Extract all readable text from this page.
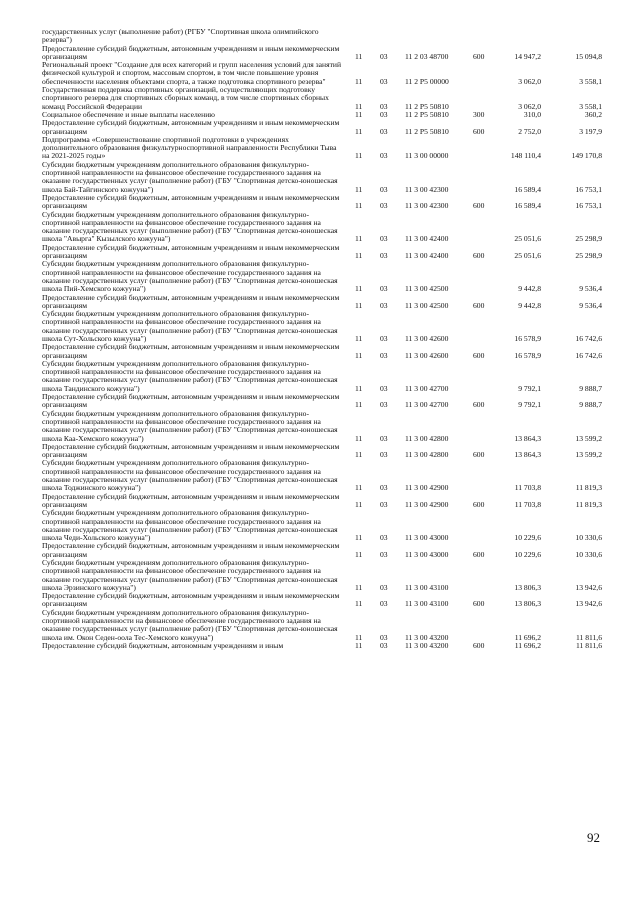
государственных услуг (выполнение работ) (РГБУ "Спортивная школа олимпийского резерва")						
Предоставление субсидий бюджетным, автономным учреждениям и иным некоммерческим организациям	11	03	11 2 03 48700	600	14 947,2	15 094,8
Региональный проект "Создание для всех категорий и групп населения условий для занятий физической культурой и спортом, массовым спортом, в том числе повышение уровня обеспеченности населения объектами спорта, а также подготовка спортивного резерва"	11	03	11 2 P5 00000		3 062,0	3 558,1
Государственная поддержка спортивных организаций, осуществляющих подготовку спортивного резерва для спортивных сборных команд, в том числе спортивных сборных команд Российской Федерации	11	03	11 2 P5 50810		3 062,0	3 558,1
Социальное обеспечение и иные выплаты населению	11	03	11 2 P5 50810	300	310,0	360,2
Предоставление субсидий бюджетным, автономным учреждениям и иным некоммерческим организациям	11	03	11 2 P5 50810	600	2 752,0	3 197,9
Подпрограмма «Совершенствование спортивной подготовки в учреждениях дополнительного образования физкультурноспортивной направленности Республики Тыва на 2021-2025 годы»	11	03	11 3 00 00000		148 110,4	149 170,8
Субсидии бюджетным учреждениям дополнительного образования физкультурно-спортивной направленности на финансовое обеспечение государственного задания на оказание государственных услуг (выполнение работ) (ГБУ "Спортивная детско-юношеская школа Бай-Тайгинского кожууна")	11	03	11 3 00 42300		16 589,4	16 753,1
Предоставление субсидий бюджетным, автономным учреждениям и иным некоммерческим организациям	11	03	11 3 00 42300	600	16 589,4	16 753,1
Субсидии бюджетным учреждениям дополнительного образования физкультурно-спортивной направленности на финансовое обеспечение государственного задания на оказание государственных услуг (выполнение работ) (ГБУ "Спортивная детско-юношеская школа "Авырга" Кызылского кожууна")	11	03	11 3 00 42400		25 051,6	25 298,9
Предоставление субсидий бюджетным, автономным учреждениям и иным некоммерческим организациям	11	03	11 3 00 42400	600	25 051,6	25 298,9
Субсидии бюджетным учреждениям дополнительного образования физкультурно-спортивной направленности на финансовое обеспечение государственного задания на оказание государственных услуг (выполнение работ) (ГБУ "Спортивная детско-юношеская школа Пий-Хемского кожууна")	11	03	11 3 00 42500		9 442,8	9 536,4
Предоставление субсидий бюджетным, автономным учреждениям и иным некоммерческим организациям	11	03	11 3 00 42500	600	9 442,8	9 536,4
Субсидии бюджетным учреждениям дополнительного образования физкультурно-спортивной направленности на финансовое обеспечение государственного задания на оказание государственных услуг (выполнение работ) (ГБУ "Спортивная детско-юношеская школа Сут-Хольского кожууна")	11	03	11 3 00 42600		16 578,9	16 742,6
Предоставление субсидий бюджетным, автономным учреждениям и иным некоммерческим организациям	11	03	11 3 00 42600	600	16 578,9	16 742,6
Субсидии бюджетным учреждениям дополнительного образования физкультурно-спортивной направленности на финансовое обеспечение государственного задания на оказание государственных услуг (выполнение работ) (ГБУ "Спортивная детско-юношеская школа Тандинского кожууна")	11	03	11 3 00 42700		9 792,1	9 888,7
Предоставление субсидий бюджетным, автономным учреждениям и иным некоммерческим организациям	11	03	11 3 00 42700	600	9 792,1	9 888,7
Субсидии бюджетным учреждениям дополнительного образования физкультурно-спортивной направленности на финансовое обеспечение государственного задания на оказание государственных услуг (выполнение работ) (ГБУ "Спортивная детско-юношеская школа Каа-Хемского кожууна")	11	03	11 3 00 42800		13 864,3	13 599,2
Предоставление субсидий бюджетным, автономным учреждениям и иным некоммерческим организациям	11	03	11 3 00 42800	600	13 864,3	13 599,2
Субсидии бюджетным учреждениям дополнительного образования физкультурно-спортивной направленности на финансовое обеспечение государственного задания на оказание государственных услуг (выполнение работ) (ГБУ "Спортивная детско-юношеская школа Тоджинского кожууна")	11	03	11 3 00 42900		11 703,8	11 819,3
Предоставление субсидий бюджетным, автономным учреждениям и иным некоммерческим организациям	11	03	11 3 00 42900	600	11 703,8	11 819,3
Субсидии бюджетным учреждениям дополнительного образования физкультурно-спортивной направленности на финансовое обеспечение государственного задания на оказание государственных услуг (выполнение работ) (ГБУ "Спортивная детско-юношеская школа Чеди-Хольского кожууна")	11	03	11 3 00 43000		10 229,6	10 330,6
Предоставление субсидий бюджетным, автономным учреждениям и иным некоммерческим организациям	11	03	11 3 00 43000	600	10 229,6	10 330,6
Субсидии бюджетным учреждениям дополнительного образования физкультурно-спортивной направленности на финансовое обеспечение государственного задания на оказание государственных услуг (выполнение работ) (ГБУ "Спортивная детско-юношеская школа Эрзинского кожууна")	11	03	11 3 00 43100		13 806,3	13 942,6
Предоставление субсидий бюджетным, автономным учреждениям и иным некоммерческим организациям	11	03	11 3 00 43100	600	13 806,3	13 942,6
Субсидии бюджетным учреждениям дополнительного образования физкультурно-спортивной направленности на финансовое обеспечение государственного задания на оказание государственных услуг (выполнение работ) (ГБУ "Спортивная детско-юношеская школа им. Окон Седен-оола Тес-Хемского кожууна")	11	03	11 3 00 43200		11 696,2	11 811,6
Предоставление субсидий бюджетным, автономным учреждениям и иным	11	03	11 3 00 43200	600	11 696,2	11 811,6
92
